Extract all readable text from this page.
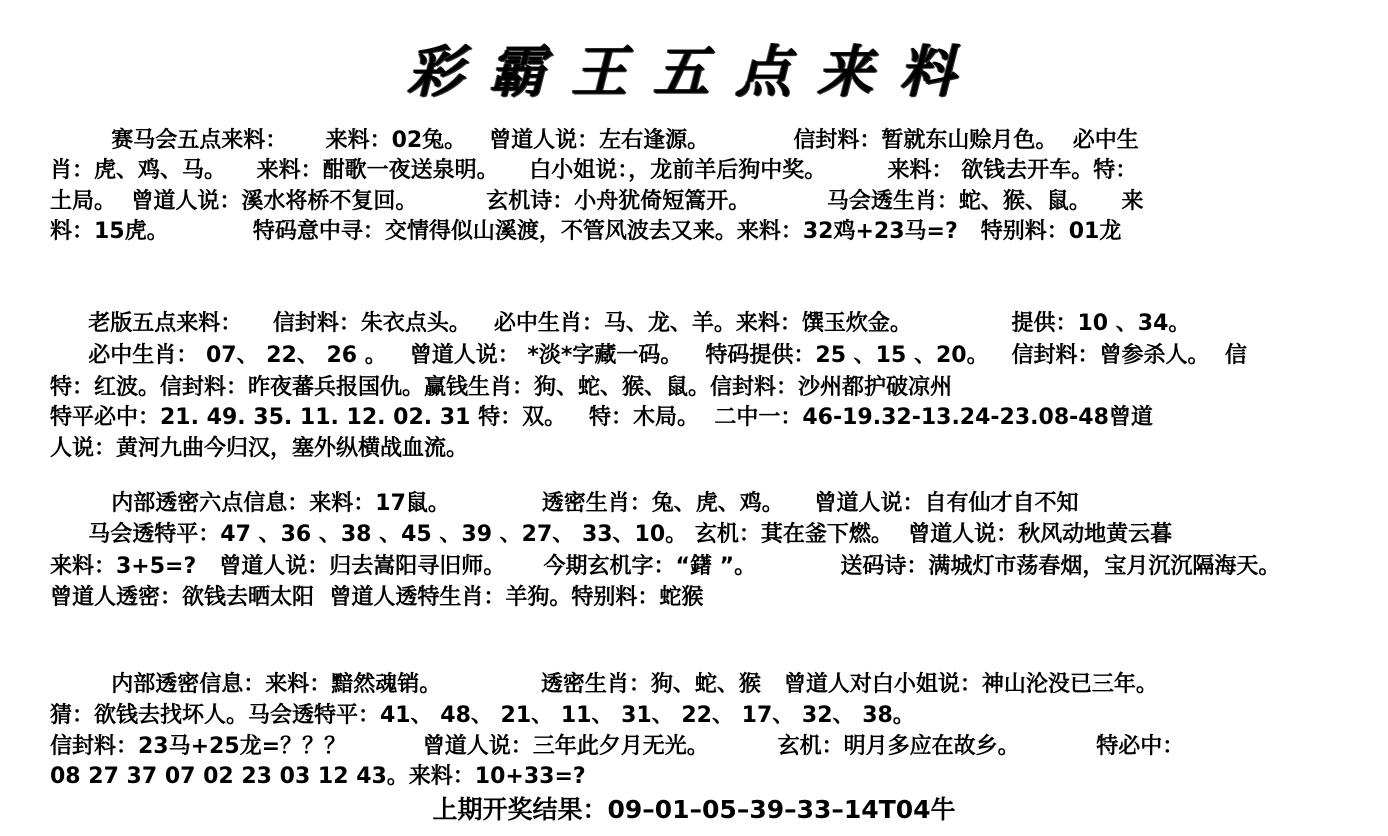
彩霸王五点来料
赛马会五点来料：     来料：02兔。   曾道人说：左右逢源。           信封料：暂就东山赊月色。  必中生
肖：虎、鸡、马。    来料：酣歌一夜送泉明。    白小姐说：，龙前羊后狗中奖。        来料： 欲钱去开车。特：
土局。  曾道人说：溪水将桥不复回。         玄机诗：小舟犹倚短篙开。          马会透生肖：蛇、猴、鼠。    来
料：15虎。           特码意中寻：交情得似山溪渡，不管风波去又来。来料：32鸡+23马=?   特别料：01龙
老版五点来料：    信封料：朱衣点头。   必中生肖：马、龙、羊。来料：馔玉炊金。             提供：10 、34。
必中生肖： 07、 22、 26 。   曾道人说： *淡*字藏一码。   特码提供：25 、15 、20。   信封料：曾参杀人。  信
特：红波。信封料：昨夜蕃兵报国仇。赢钱生肖：狗、蛇、猴、鼠。信封料：沙州都护破凉州
特平必中：21. 49. 35. 11. 12. 02. 31 特：双。   特：木局。  二中一：46-19.32-13.24-23.08-48曾道
人说：黄河九曲今归汉，塞外纵横战血流。
内部透密六点信息：来料：17鼠。            透密生肖：兔、虎、鸡。    曾道人说：自有仙才自不知
马会透特平：47 、36 、38 、45 、39 、27、 33、10。 玄机：萁在釜下燃。  曾道人说：秋风动地黄云暮
来料：3+5=?   曾道人说：归去嵩阳寻旧师。     今期玄机字：“鐯 ”。           送码诗：满城灯市荡春烟，宝月沉沉隔海天。
曾道人透密：欲钱去晒太阳  曾道人透特生肖：羊狗。特别料：蛇猴
内部透密信息：来料：黯然魂销。             透密生肖：狗、蛇、猴   曾道人对白小姐说：神山沦没已三年。
猜：欲钱去找坏人。马会透特平：41、 48、 21、 11、 31、 22、 17、 32、 38。
信封料：23马+25龙=？？？          曾道人说：三年此夕月无光。         玄机：明月多应在故乡。          特必中：
08 27 37 07 02 23 03 12 43。来料：10+33=?
上期开奖结果：09–01–05–39–33–14T04牛
